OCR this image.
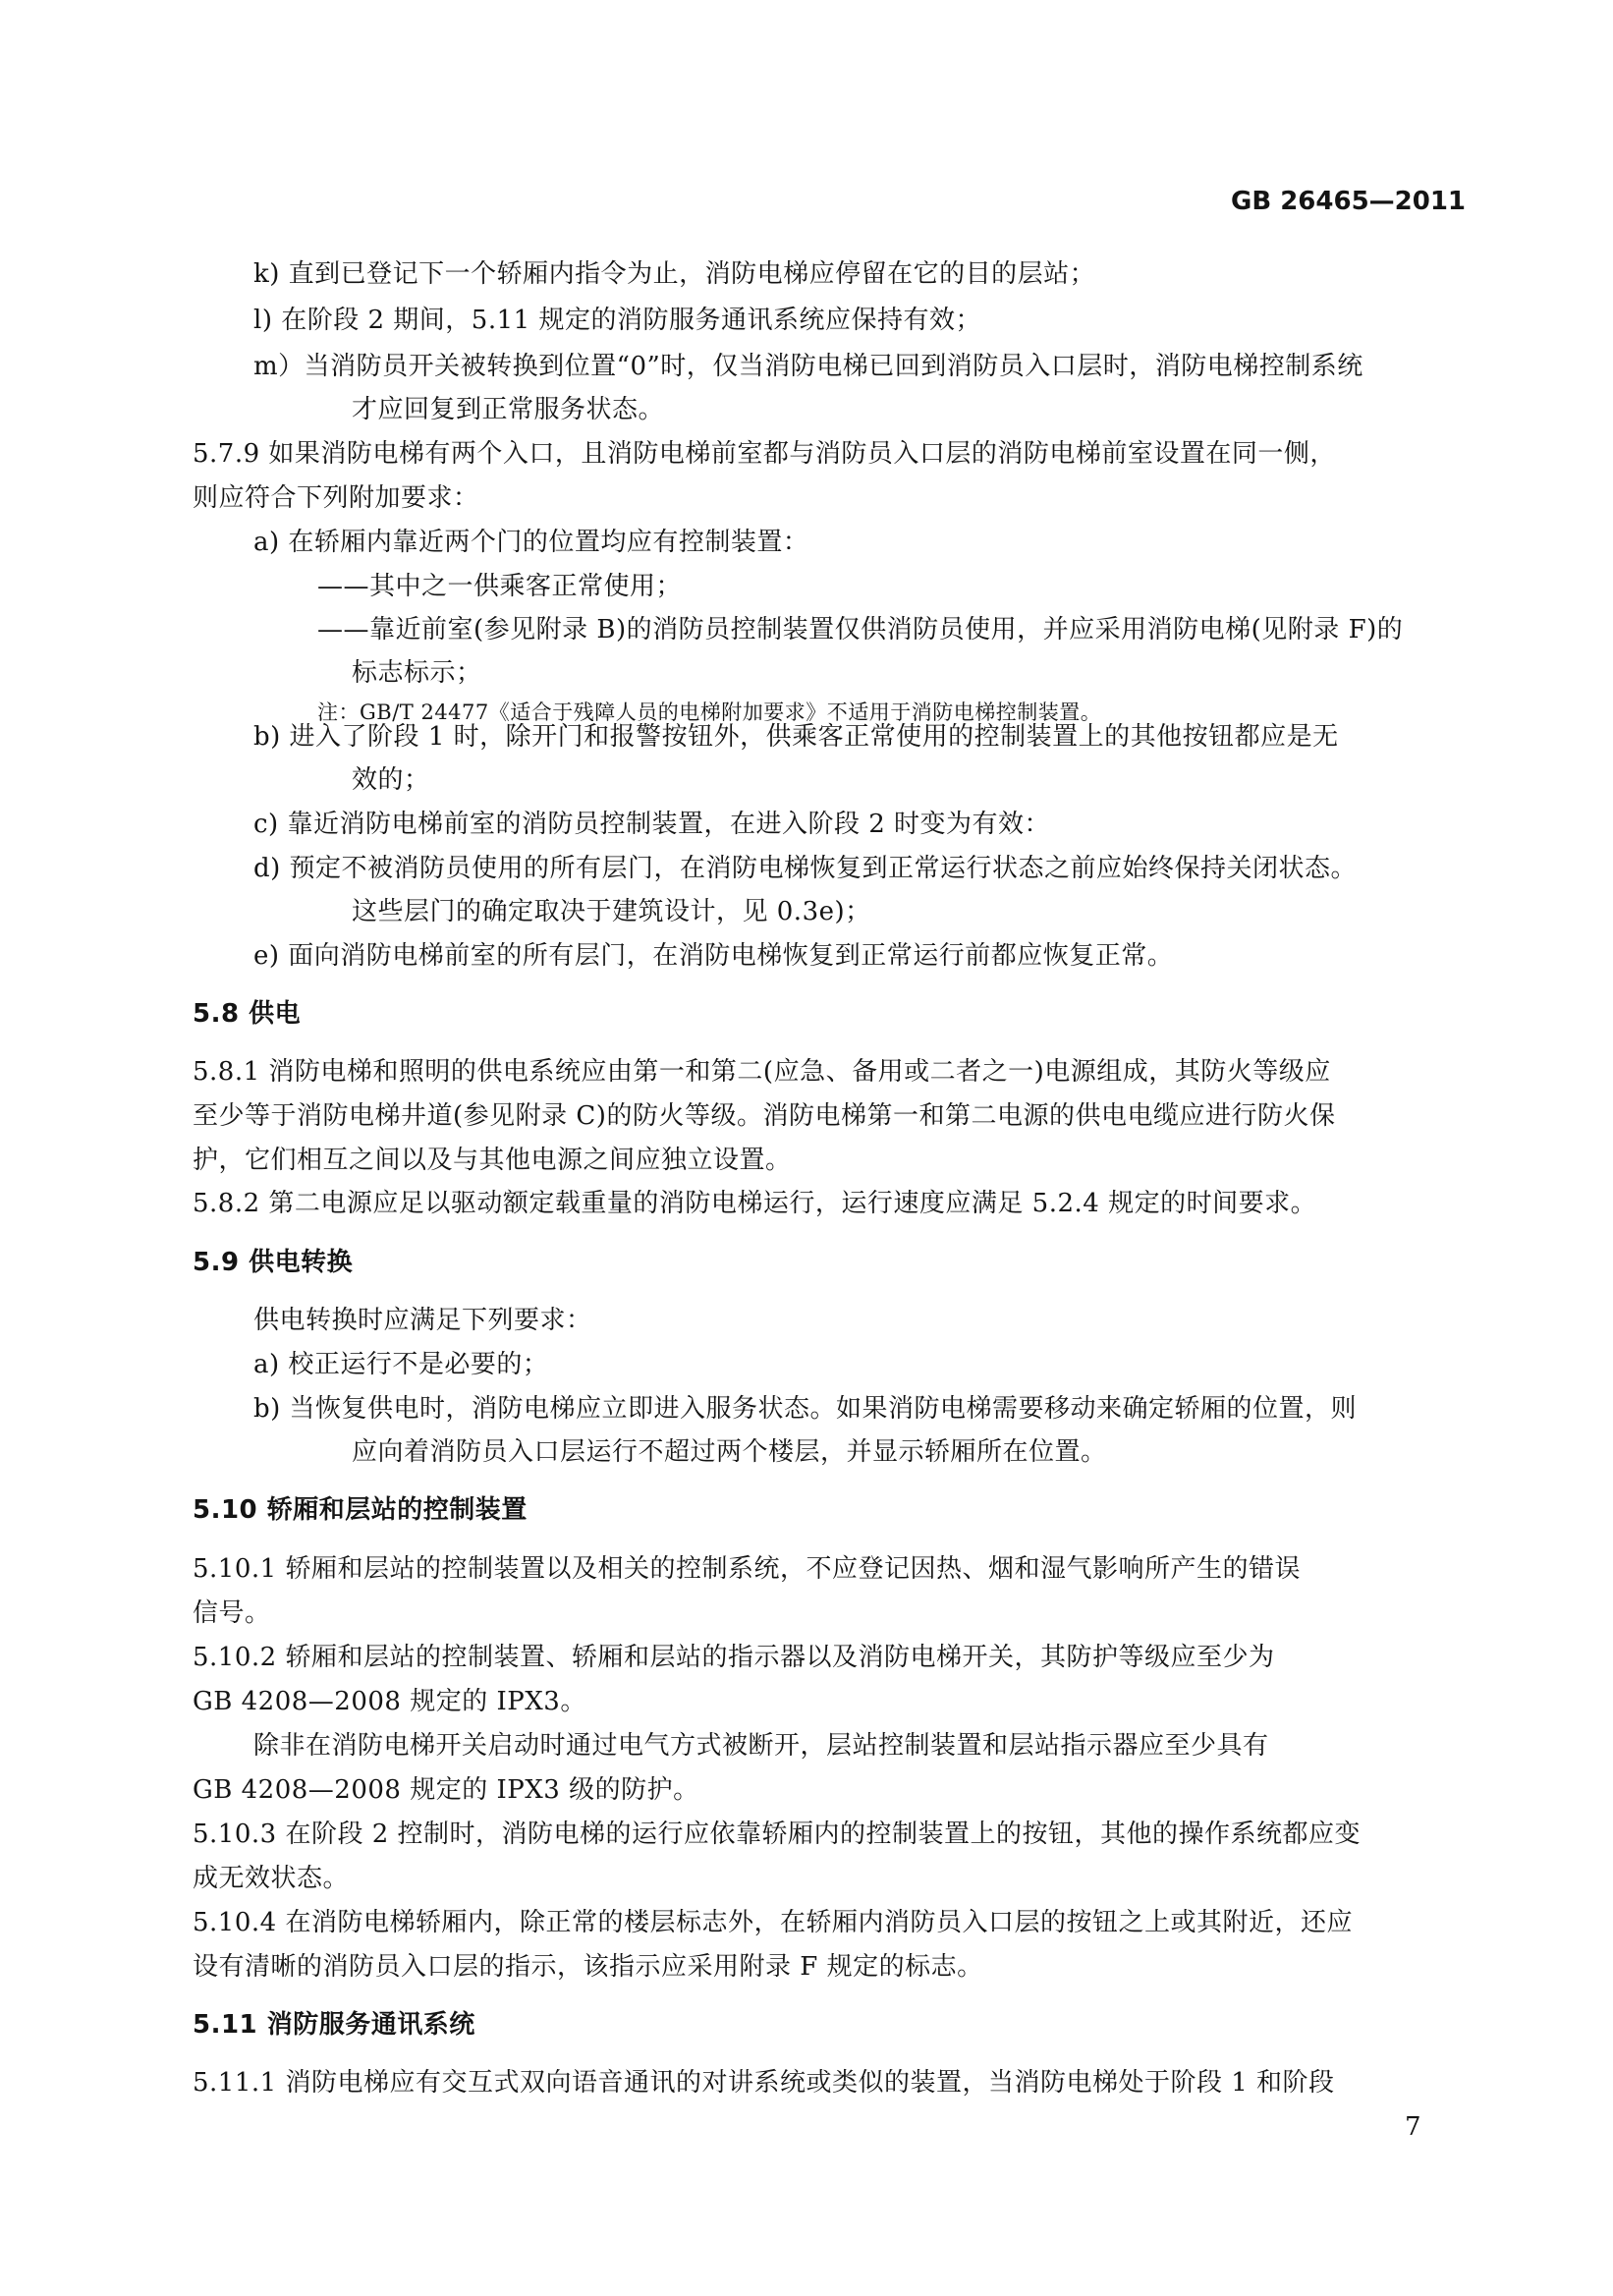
GB 26465—2011
k) 直到已登记下一个轿厢内指令为止，消防电梯应停留在它的目的层站；
l) 在阶段 2 期间，5.11 规定的消防服务通讯系统应保持有效；
m）当消防员开关被转换到位置“0”时，仅当消防电梯已回到消防员入口层时，消防电梯控制系统
才应回复到正常服务状态。
5.7.9 如果消防电梯有两个入口，且消防电梯前室都与消防员入口层的消防电梯前室设置在同一侧，
则应符合下列附加要求：
a) 在轿厢内靠近两个门的位置均应有控制装置：
——其中之一供乘客正常使用；
——靠近前室(参见附录 B)的消防员控制装置仅供消防员使用，并应采用消防电梯(见附录 F)的
标志标示；
注：GB/T 24477《适合于残障人员的电梯附加要求》不适用于消防电梯控制装置。
b) 进入了阶段 1 时，除开门和报警按钮外，供乘客正常使用的控制装置上的其他按钮都应是无
效的；
c) 靠近消防电梯前室的消防员控制装置，在进入阶段 2 时变为有效：
d) 预定不被消防员使用的所有层门，在消防电梯恢复到正常运行状态之前应始终保持关闭状态。
这些层门的确定取决于建筑设计，见 0.3e)；
e) 面向消防电梯前室的所有层门，在消防电梯恢复到正常运行前都应恢复正常。
5.8 供电
5.8.1 消防电梯和照明的供电系统应由第一和第二(应急、备用或二者之一)电源组成，其防火等级应
至少等于消防电梯井道(参见附录 C)的防火等级。消防电梯第一和第二电源的供电电缆应进行防火保
护，它们相互之间以及与其他电源之间应独立设置。
5.8.2 第二电源应足以驱动额定载重量的消防电梯运行，运行速度应满足 5.2.4 规定的时间要求。
5.9 供电转换
供电转换时应满足下列要求：
a) 校正运行不是必要的；
b) 当恢复供电时，消防电梯应立即进入服务状态。如果消防电梯需要移动来确定轿厢的位置，则
应向着消防员入口层运行不超过两个楼层，并显示轿厢所在位置。
5.10 轿厢和层站的控制装置
5.10.1 轿厢和层站的控制装置以及相关的控制系统，不应登记因热、烟和湿气影响所产生的错误
信号。
5.10.2 轿厢和层站的控制装置、轿厢和层站的指示器以及消防电梯开关，其防护等级应至少为
GB 4208—2008 规定的 IPX3。
除非在消防电梯开关启动时通过电气方式被断开，层站控制装置和层站指示器应至少具有
GB 4208—2008 规定的 IPX3 级的防护。
5.10.3 在阶段 2 控制时，消防电梯的运行应依靠轿厢内的控制装置上的按钮，其他的操作系统都应变
成无效状态。
5.10.4 在消防电梯轿厢内，除正常的楼层标志外，在轿厢内消防员入口层的按钮之上或其附近，还应
设有清晰的消防员入口层的指示，该指示应采用附录 F 规定的标志。
5.11 消防服务通讯系统
5.11.1 消防电梯应有交互式双向语音通讯的对讲系统或类似的装置，当消防电梯处于阶段 1 和阶段
7
